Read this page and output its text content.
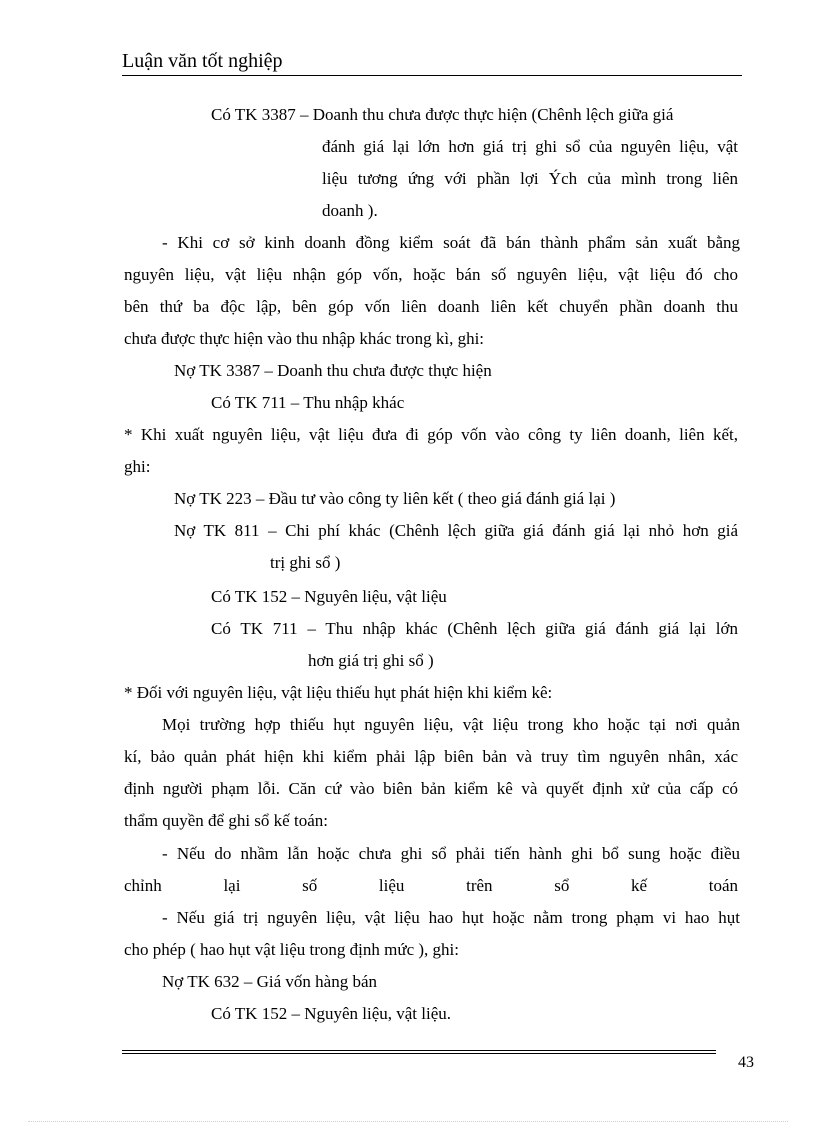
Luận văn tốt nghiệp
Có TK 3387 – Doanh thu chưa được thực hiện (Chênh lệch giữa giá
đánh giá lại lớn hơn giá trị ghi sổ của nguyên liệu, vật
liệu tương ứng với phần lợi Ých của mình trong liên
doanh ).
- Khi cơ sở kinh doanh đồng kiểm soát đã bán thành phẩm sản xuất bằng
nguyên liệu, vật liệu nhận góp vốn, hoặc bán số nguyên liệu, vật liệu đó cho
bên thứ ba độc lập, bên góp vốn liên doanh liên kết chuyển phần doanh thu
chưa được thực hiện vào thu nhập khác trong kì, ghi:
Nợ TK 3387 – Doanh thu chưa được thực hiện
Có TK 711 – Thu nhập khác
* Khi xuất nguyên liệu, vật liệu đưa đi góp vốn vào công ty liên doanh, liên kết,
ghi:
Nợ TK 223 – Đầu tư vào công ty liên kết ( theo giá đánh giá lại )
Nợ TK 811 – Chi phí khác (Chênh lệch giữa giá đánh giá lại nhỏ hơn giá
trị ghi sổ )
Có TK 152 – Nguyên liệu, vật liệu
Có TK 711 – Thu nhập khác (Chênh lệch giữa giá đánh giá lại lớn
hơn giá trị ghi sổ )
* Đối với nguyên liệu, vật liệu thiếu hụt phát hiện khi kiểm kê:
Mọi trường hợp thiếu hụt nguyên liệu, vật liệu trong kho hoặc tại nơi quản
kí, bảo quản phát hiện khi kiểm phải lập biên bản và truy tìm nguyên nhân, xác
định người phạm lỗi. Căn cứ vào biên bản kiểm kê và quyết định xử của cấp có
thẩm quyền để ghi sổ kế toán:
- Nếu do nhầm lẫn hoặc chưa ghi sổ phải tiến hành ghi bổ sung hoặc điều
chỉnh lại số liệu trên sổ kế toán
- Nếu giá trị nguyên liệu, vật liệu hao hụt hoặc nằm trong phạm vi hao hụt
cho phép ( hao hụt vật liệu trong định mức ), ghi:
Nợ TK 632 – Giá vốn hàng bán
Có TK 152 – Nguyên liệu, vật liệu.
43
